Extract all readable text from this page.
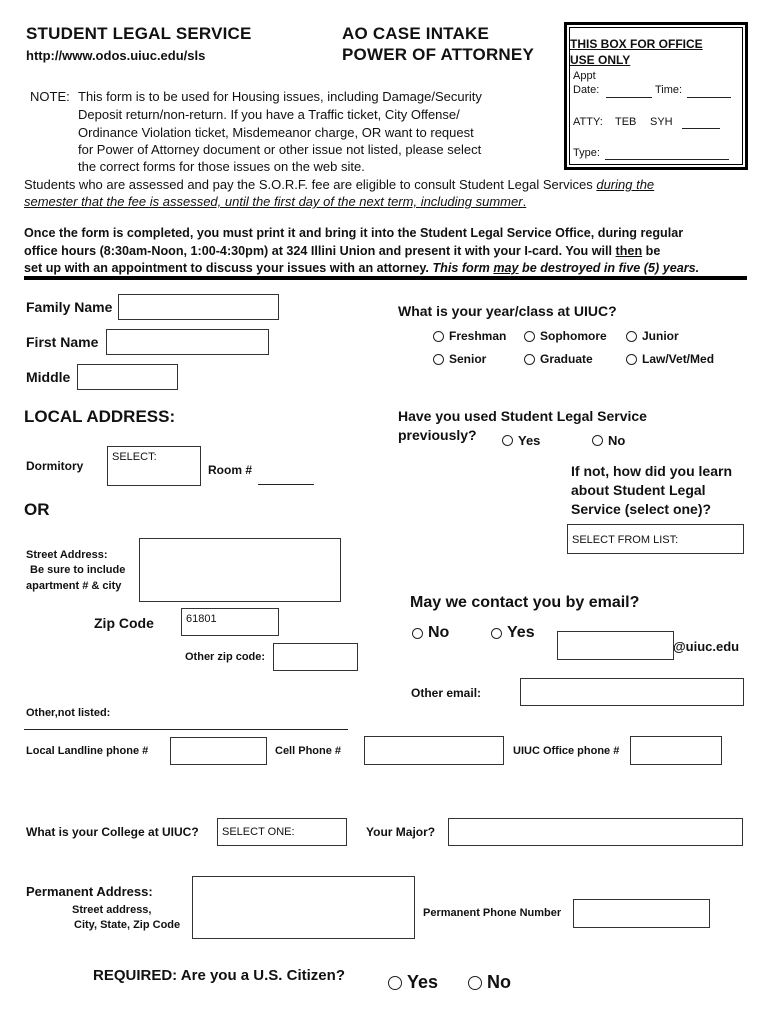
STUDENT LEGAL SERVICE
http://www.odos.uiuc.edu/sls
AO CASE INTAKE
POWER OF ATTORNEY
THIS BOX FOR OFFICE
USE ONLY
Appt
Date:	Time:
ATTY: TEB SYH
Type:
NOTE: This form is to be used for Housing issues, including Damage/Security
Deposit return/non-return. If you have a Traffic ticket, City Offense/
Ordinance Violation ticket, Misdemeanor charge, OR want to request
for Power of Attorney document or other issue not listed, please select
the correct forms for those issues on the web site.
Students who are assessed and pay the S.O.R.F. fee are eligible to consult Student Legal Services during the
semester that the fee is assessed, until the first day of the next term, including summer.
Once the form is completed, you must print it and bring it into the Student Legal Service Office, during regular
office hours (8:30am-Noon, 1:00-4:30pm) at 324 Illini Union and present it with your I-card. You will then be
set up with an appointment to discuss your issues with an attorney. This form may be destroyed in five (5) years.
Family Name
First Name
Middle
LOCAL ADDRESS:
Dormitory
SELECT:
Room #
OR
Street Address:
Be sure to include
apartment # & city
Zip Code	61801
Other zip code:
What is your year/class at UIUC?
Freshman	Sophomore	Junior
Senior	Graduate	Law/Vet/Med
Have you used Student Legal Service
previously?	Yes	No
If not, how did you learn
about Student Legal
Service (select one)?
SELECT FROM LIST:
May we contact you by email?
No	Yes
@uiuc.edu
Other email:
Other,not listed:
Local Landline phone #	Cell Phone #	UIUC Office phone #
What is your College at UIUC?	SELECT ONE:	Your Major?
Permanent Address:
Street address,
City, State, Zip Code
Permanent Phone Number
REQUIRED: Are you a U.S. Citizen?	Yes	No
